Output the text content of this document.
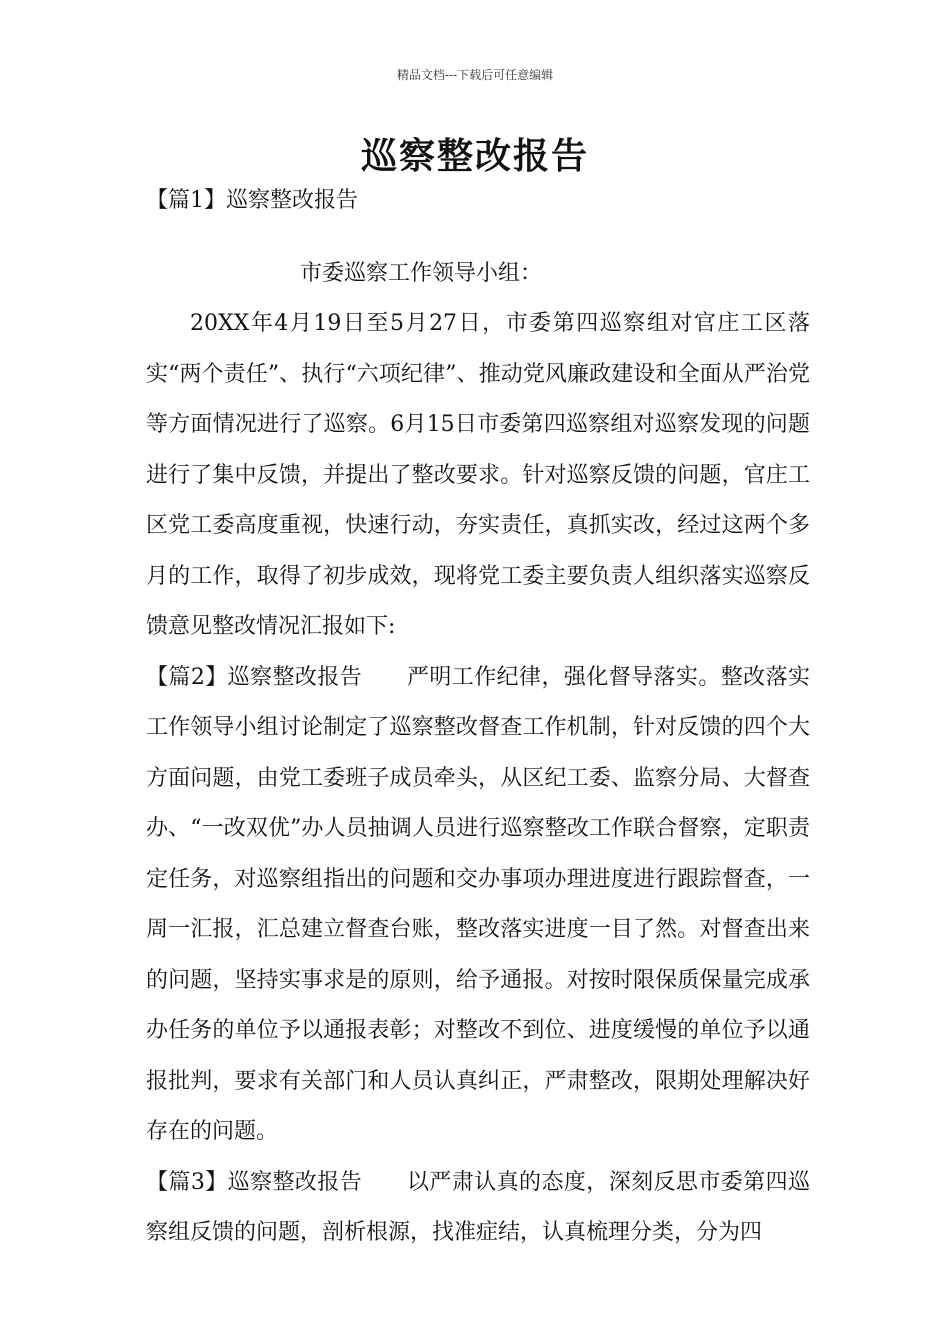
精品文档---下载后可任意编辑
巡察整改报告

【篇1】巡察整改报告

市委巡察工作领导小组：

20XX年4月19日至5月27日，市委第四巡察组对官庄工区落实“两个责任”、执行“六项纪律”、推动党风廉政建设和全面从严治党等方面情况进行了巡察。6月15日市委第四巡察组对巡察发现的问题进行了集中反馈，并提出了整改要求。针对巡察反馈的问题，官庄工区党工委高度重视，快速行动，夯实责任，真抓实改，经过这两个多月的工作，取得了初步成效，现将党工委主要负责人组织落实巡察反馈意见整改情况汇报如下:

【篇2】巡察整改报告　　严明工作纪律，强化督导落实。整改落实工作领导小组讨论制定了巡察整改督查工作机制，针对反馈的四个大方面问题，由党工委班子成员牵头，从区纪工委、监察分局、大督查办、“一改双优”办人员抽调人员进行巡察整改工作联合督察，定职责定任务，对巡察组指出的问题和交办事项办理进度进行跟踪督查，一周一汇报，汇总建立督查台账，整改落实进度一目了然。对督查出来的问题，坚持实事求是的原则，给予通报。对按时限保质保量完成承办任务的单位予以通报表彰；对整改不到位、进度缓慢的单位予以通报批判，要求有关部门和人员认真纠正，严肃整改，限期处理解决好存在的问题。

【篇3】巡察整改报告　　以严肃认真的态度，深刻反思市委第四巡察组反馈的问题，剖析根源，找准症结，认真梳理分类，分为四
